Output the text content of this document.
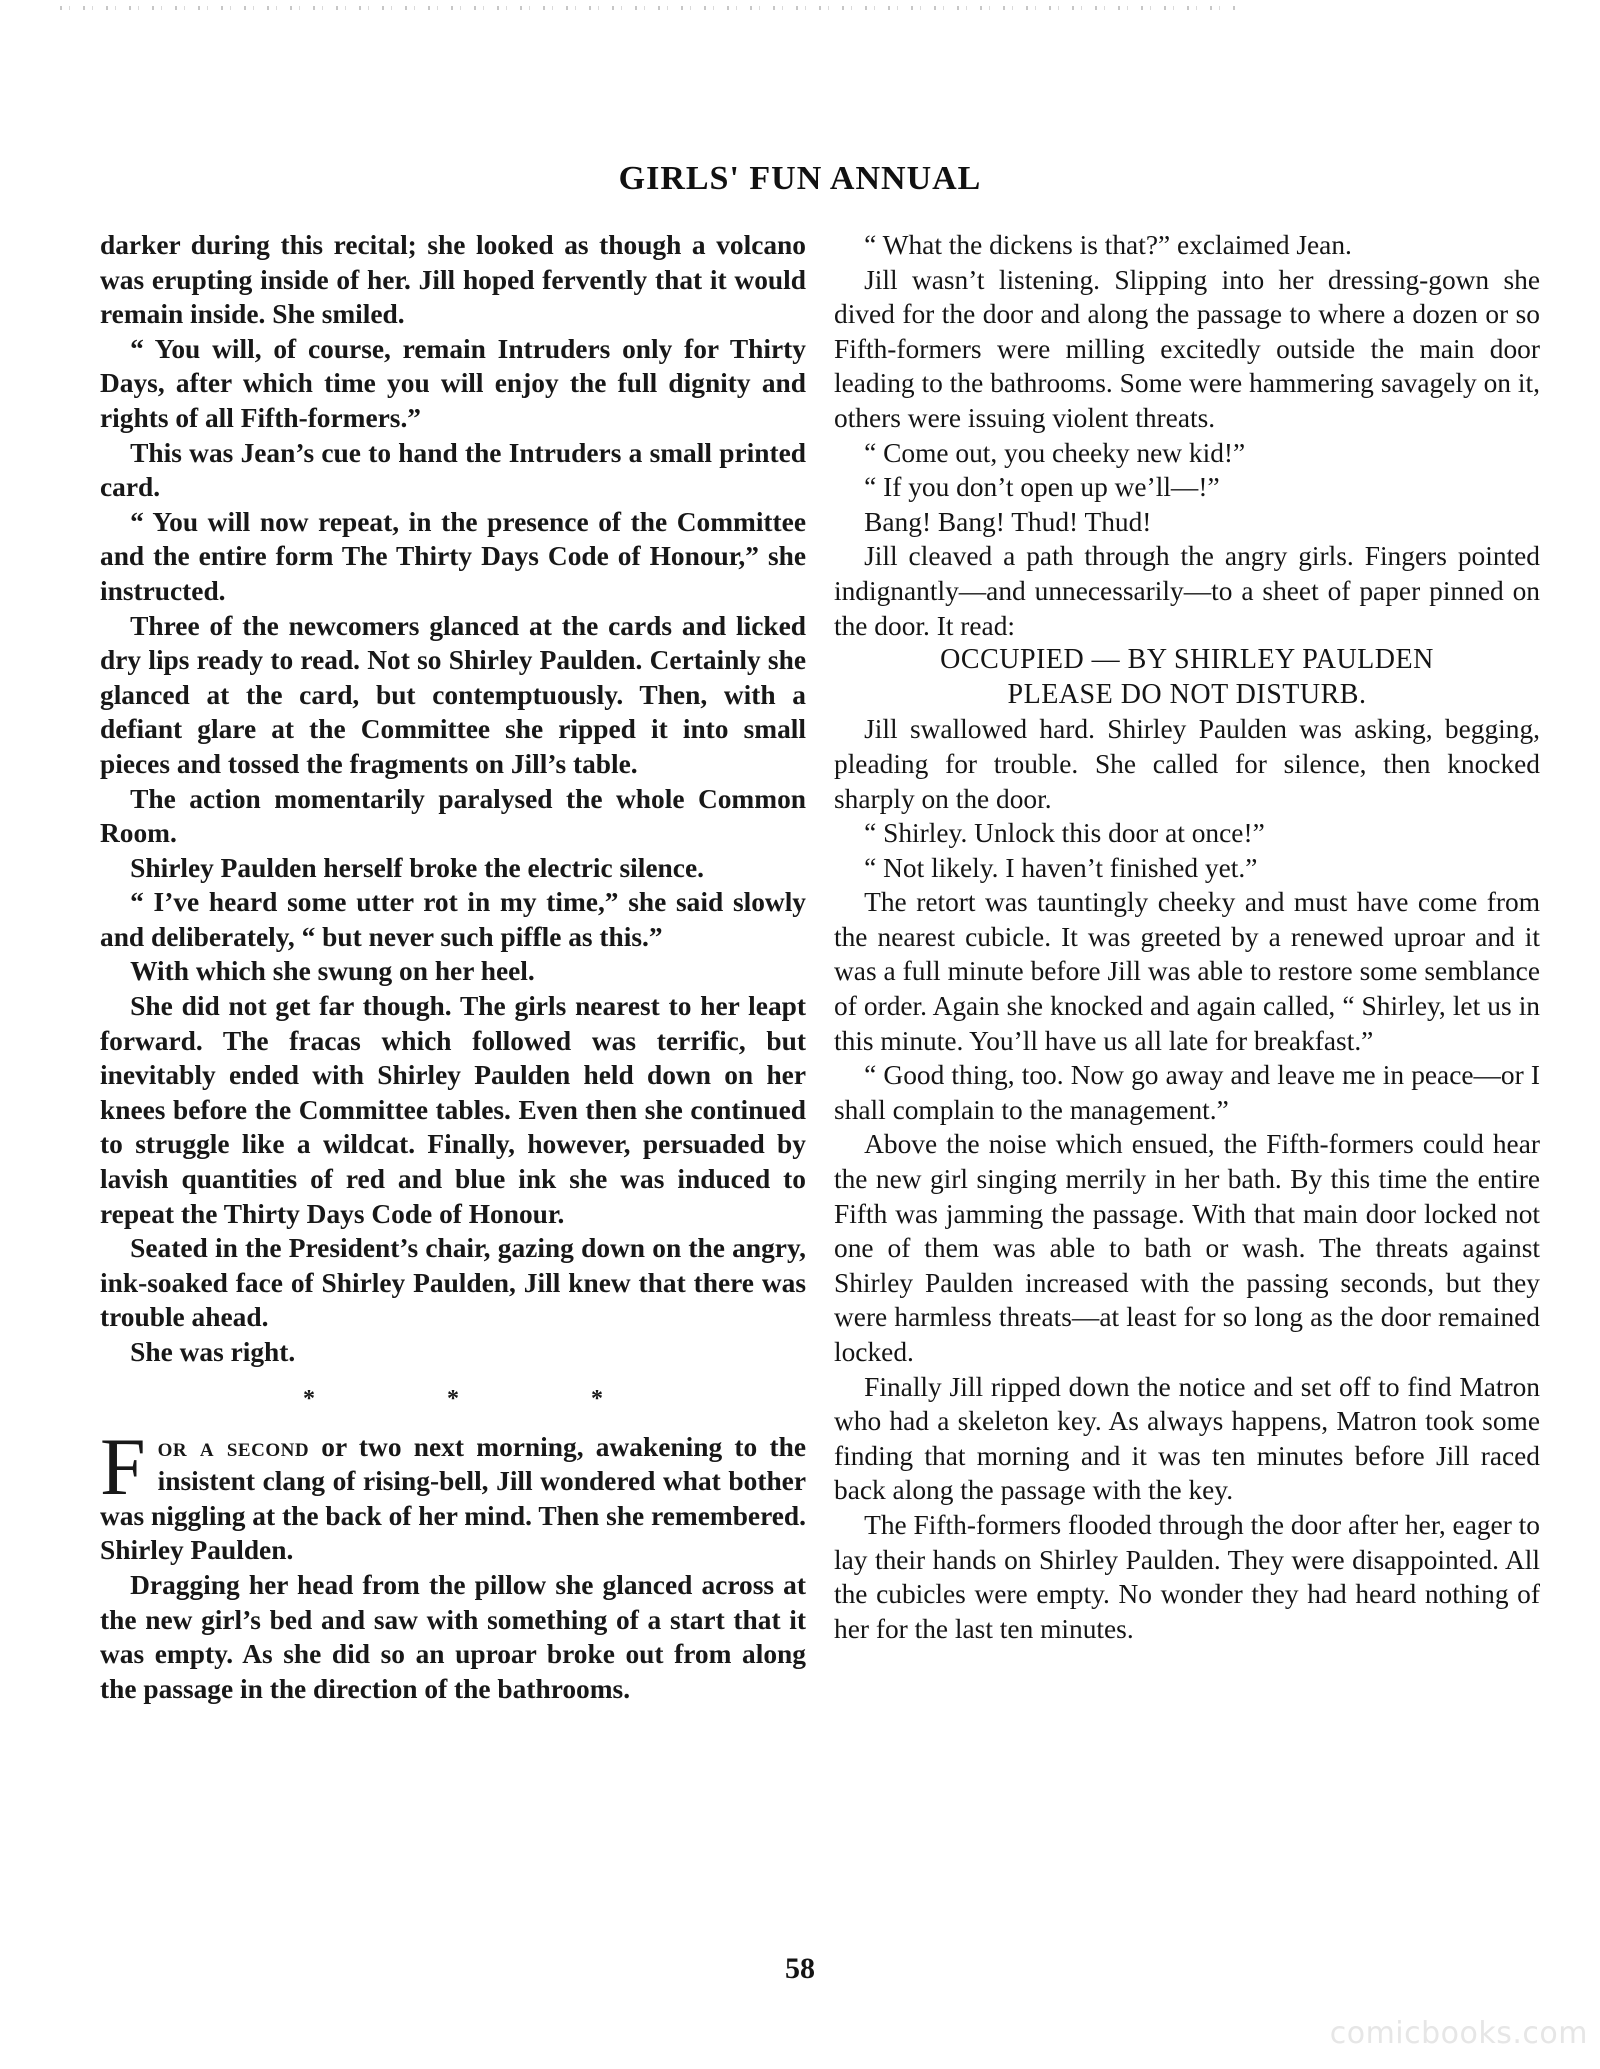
GIRLS' FUN ANNUAL

darker during this recital; she looked as though a volcano was erupting inside of her. Jill hoped fervently that it would remain inside. She smiled.

“ You will, of course, remain Intruders only for Thirty Days, after which time you will enjoy the full dignity and rights of all Fifth-formers.”

This was Jean’s cue to hand the Intruders a small printed card.

“ You will now repeat, in the presence of the Committee and the entire form The Thirty Days Code of Honour,” she instructed.

Three of the newcomers glanced at the cards and licked dry lips ready to read. Not so Shirley Paulden. Certainly she glanced at the card, but contemptuously. Then, with a defiant glare at the Committee she ripped it into small pieces and tossed the fragments on Jill’s table.

The action momentarily paralysed the whole Common Room.

Shirley Paulden herself broke the electric silence.

“ I’ve heard some utter rot in my time,” she said slowly and deliberately, “ but never such piffle as this.”

With which she swung on her heel.

She did not get far though. The girls nearest to her leapt forward. The fracas which followed was terrific, but inevitably ended with Shirley Paulden held down on her knees before the Committee tables. Even then she continued to struggle like a wildcat. Finally, however, persuaded by lavish quantities of red and blue ink she was induced to repeat the Thirty Days Code of Honour.

Seated in the President’s chair, gazing down on the angry, ink-soaked face of Shirley Paulden, Jill knew that there was trouble ahead.

She was right.

*	*	*

For a second or two next morning, awakening to the insistent clang of rising-bell, Jill wondered what bother was niggling at the back of her mind. Then she remembered. Shirley Paulden.

Dragging her head from the pillow she glanced across at the new girl’s bed and saw with something of a start that it was empty. As she did so an uproar broke out from along the passage in the direction of the bathrooms.

“ What the dickens is that?” exclaimed Jean.

Jill wasn’t listening. Slipping into her dressing-gown she dived for the door and along the passage to where a dozen or so Fifth-formers were milling excitedly outside the main door leading to the bathrooms. Some were hammering savagely on it, others were issuing violent threats.

“ Come out, you cheeky new kid!”

“ If you don’t open up we’ll—!”

Bang! Bang! Thud! Thud!

Jill cleaved a path through the angry girls. Fingers pointed indignantly—and unnecessarily—to a sheet of paper pinned on the door. It read:

OCCUPIED — BY SHIRLEY PAULDEN

PLEASE DO NOT DISTURB.

Jill swallowed hard. Shirley Paulden was asking, begging, pleading for trouble. She called for silence, then knocked sharply on the door.

“ Shirley. Unlock this door at once!”

“ Not likely. I haven’t finished yet.”

The retort was tauntingly cheeky and must have come from the nearest cubicle. It was greeted by a renewed uproar and it was a full minute before Jill was able to restore some semblance of order. Again she knocked and again called, “ Shirley, let us in this minute. You’ll have us all late for breakfast.”

“ Good thing, too. Now go away and leave me in peace—or I shall complain to the management.”

Above the noise which ensued, the Fifth-formers could hear the new girl singing merrily in her bath. By this time the entire Fifth was jamming the passage. With that main door locked not one of them was able to bath or wash. The threats against Shirley Paulden increased with the passing seconds, but they were harmless threats—at least for so long as the door remained locked.

Finally Jill ripped down the notice and set off to find Matron who had a skeleton key. As always happens, Matron took some finding that morning and it was ten minutes before Jill raced back along the passage with the key.

The Fifth-formers flooded through the door after her, eager to lay their hands on Shirley Paulden. They were disappointed. All the cubicles were empty. No wonder they had heard nothing of her for the last ten minutes.

58
comicbooks.com
